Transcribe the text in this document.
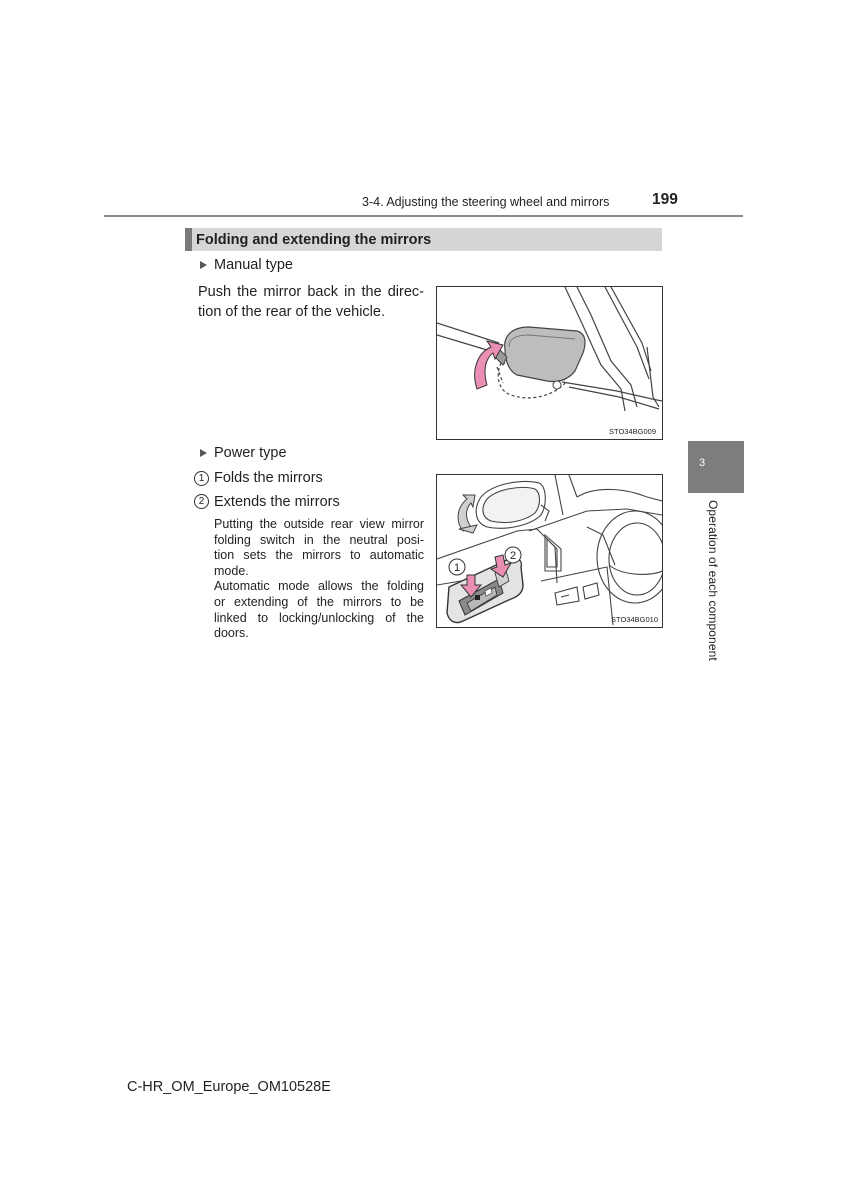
3-4. Adjusting the steering wheel and mirrors	199
3
Operation of each component
Folding and extending the mirrors
Manual type
Push the mirror back in the direc-
tion of the rear of the vehicle.
STO34BG009
Power type
1 Folds the mirrors
2 Extends the mirrors
Putting the outside rear view mirror
folding switch in the neutral posi-
tion sets the mirrors to automatic
mode.
Automatic mode allows the folding
or extending of the mirrors to be
linked to locking/unlocking of the
doors.
1
2
STO34BG010
C-HR_OM_Europe_OM10528E
